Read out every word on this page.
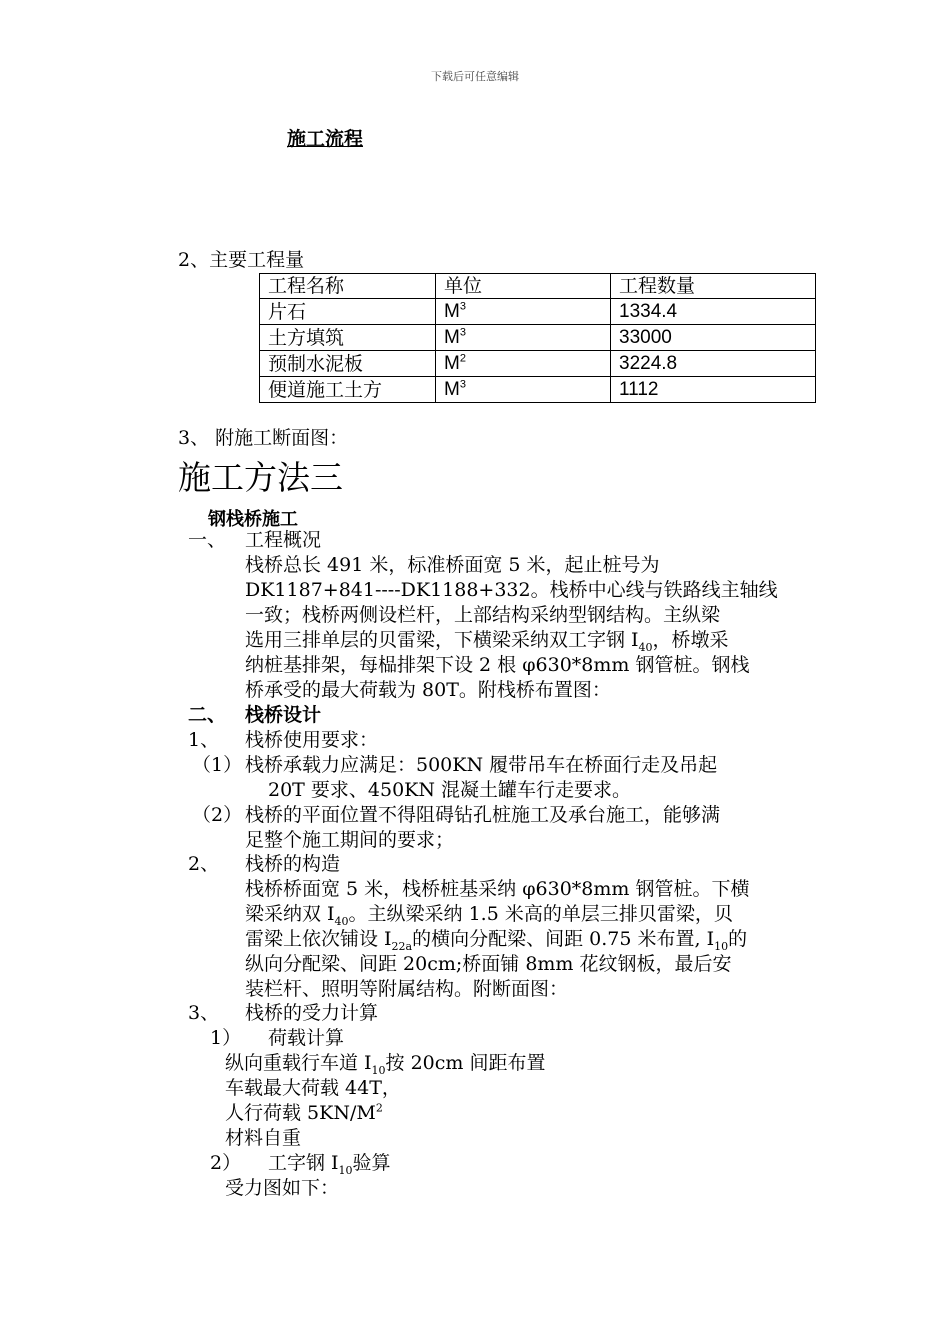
下载后可任意编辑
施工流程
2、主要工程量
工程名称	单位	工程数量
片石	$M^3$	1334.4
土方填筑	$M^3$	33000
预制水泥板	$M^2$	3224.8
便道施工土方	$M^3$	1112
3、 附施工断面图：
施工方法三
钢栈桥施工
一、 工程概况
栈桥总长 491 米，标准桥面宽 5 米，起止桩号为
DK1187+841----DK1188+332。栈桥中心线与铁路线主轴线
一致；栈桥两侧设栏杆，上部结构采纳型钢结构。主纵梁
选用三排单层的贝雷梁，下横梁采纳双工字钢 $I_{40}$，桥墩采
纳桩基排架，每榀排架下设 2 根 φ630*8mm 钢管桩。钢栈
桥承受的最大荷载为 80T。附栈桥布置图：
二、 栈桥设计
1、 栈桥使用要求：
（1） 栈桥承载力应满足：500KN 履带吊车在桥面行走及吊起
20T 要求、450KN 混凝土罐车行走要求。
（2） 栈桥的平面位置不得阻碍钻孔桩施工及承台施工，能够满
足整个施工期间的要求；
2、 栈桥的构造
栈桥桥面宽 5 米，栈桥桩基采纳 φ630*8mm 钢管桩。下横
梁采纳双 $I_{40}$。主纵梁采纳 1.5 米高的单层三排贝雷梁，贝
雷梁上依次铺设 $I_{22a}$的横向分配梁、间距 0.75 米布置, $I_{10}$的
纵向分配梁、间距 20cm;桥面铺 8mm 花纹钢板，最后安
装栏杆、照明等附属结构。附断面图：
3、 栈桥的受力计算
1） 荷载计算
纵向重载行车道 $I_{10}$按 20cm 间距布置
车载最大荷载 44T，
人行荷载 $5KN/M^2$
材料自重
2） 工字钢 $I_{10}$验算
受力图如下：
